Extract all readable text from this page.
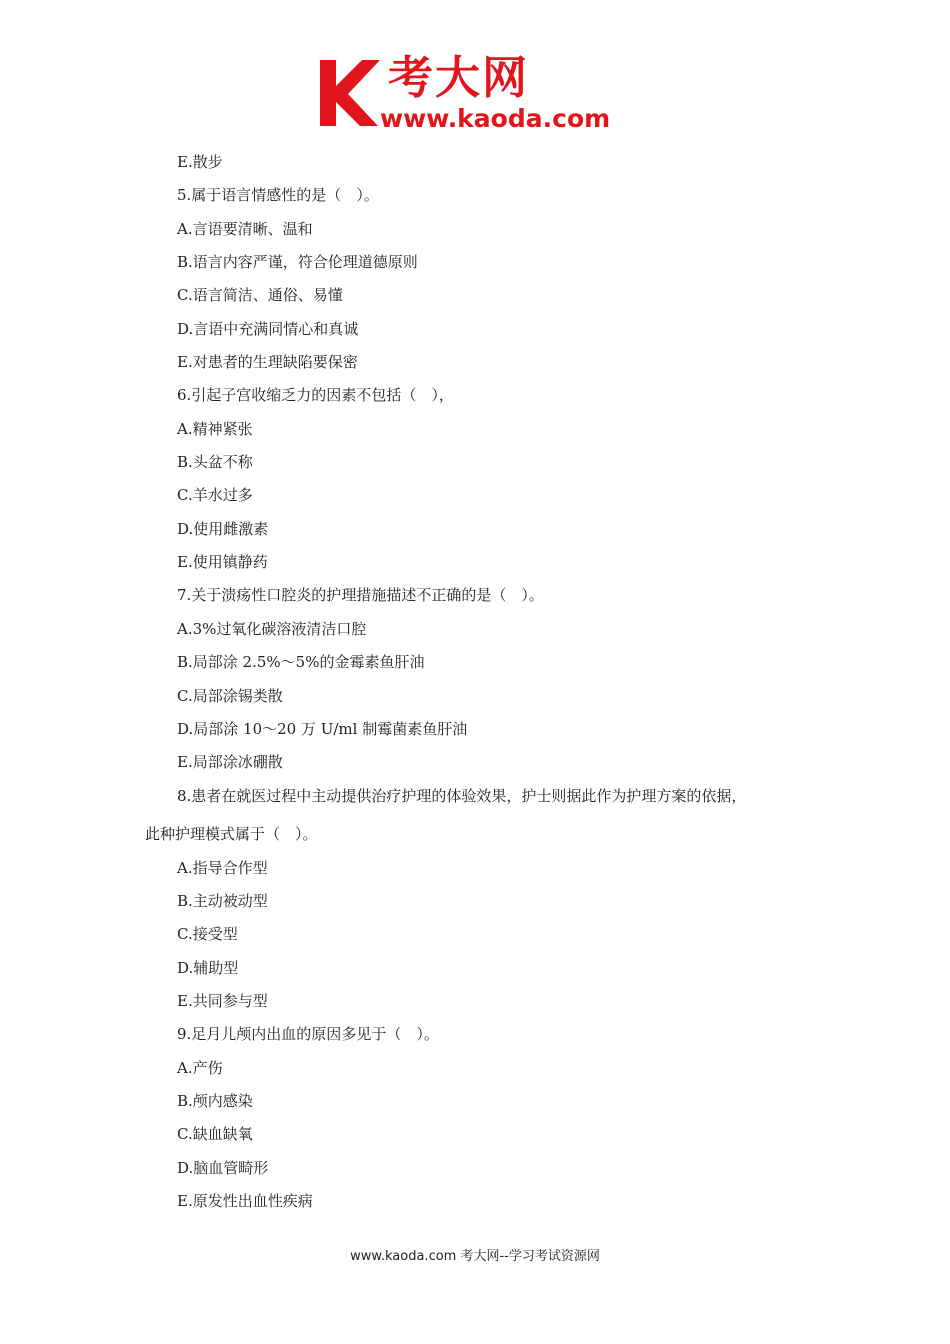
考大网
www.kaoda.com
E.散步
5.属于语言情感性的是（　）。
A.言语要清晰、温和
B.语言内容严谨，符合伦理道德原则
C.语言简洁、通俗、易懂
D.言语中充满同情心和真诚
E.对患者的生理缺陷要保密
6.引起子宫收缩乏力的因素不包括（　），
A.精神紧张
B.头盆不称
C.羊水过多
D.使用雌激素
E.使用镇静药
7.关于溃疡性口腔炎的护理措施描述不正确的是（　）。
A.3%过氧化碳溶液清洁口腔
B.局部涂 2.5%～5%的金霉素鱼肝油
C.局部涂锡类散
D.局部涂 10～20 万 U/ml 制霉菌素鱼肝油
E.局部涂冰硼散
8.患者在就医过程中主动提供治疗护理的体验效果，护士则据此作为护理方案的依据，
此种护理模式属于（　）。
A.指导合作型
B.主动被动型
C.接受型
D.辅助型
E.共同参与型
9.足月儿颅内出血的原因多见于（　）。
A.产伤
B.颅内感染
C.缺血缺氧
D.脑血管畸形
E.原发性出血性疾病
www.kaoda.com 考大网--学习考试资源网
